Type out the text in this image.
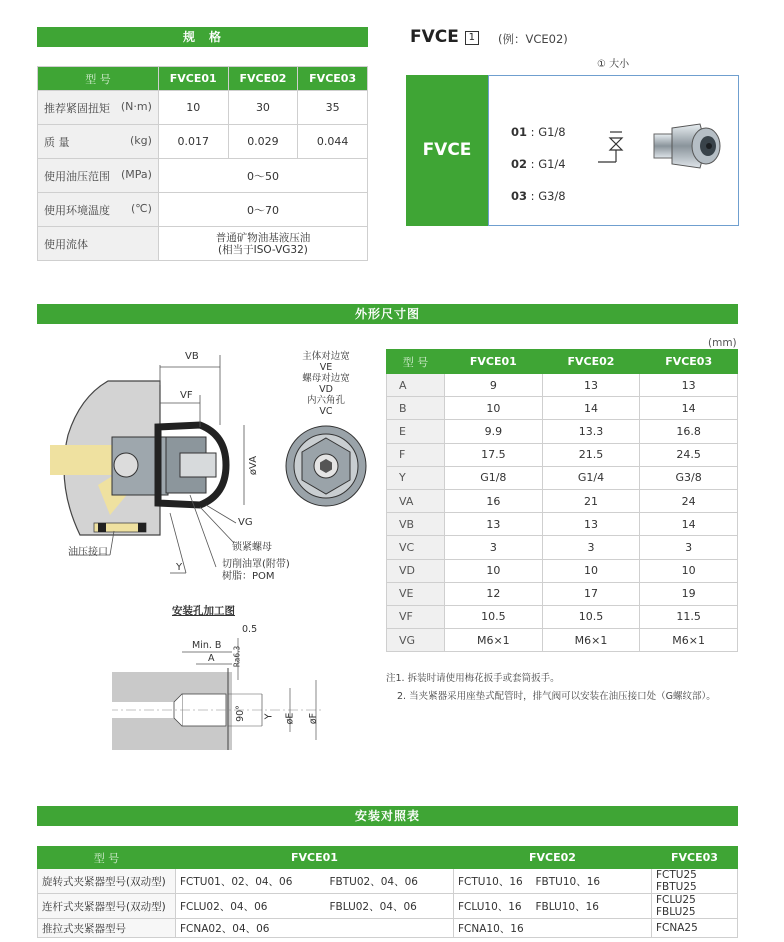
规　格
型 号	FVCE01	FVCE02	FVCE03

推荐紧固扭矩 (N·m)	10	30	35

质 量 (kg)	0.017	0.029	0.044

使用油压范围 (MPa)	0～50		

使用环境温度 (℃)	0～70		

使用流体	普通矿物油基液压油
(相当于ISO-VG32)		
FVCE 1	(例：VCE02)
① 大小
FVCE
01 : G1/8
02 : G1/4
03 : G3/8
外形尺寸图
(mm)
VB
VF
øVA
VG
油压接口	锁紧螺母
Y	切削油罩(附带)
树脂：POM
主体对边宽
VE
螺母对边宽
VD
内六角孔
VC
安装孔加工图
0.5
Min. B
A Ra6.3
90° Y øE øF
型 号	FVCE01	FVCE02	FVCE03
A	9	13	13
B	10	14	14
E	9.9	13.3	16.8
F	17.5	21.5	24.5
Y	G1/8	G1/4	G3/8
VA	16	21	24
VB	13	13	14
VC	3	3	3
VD	10	10	10
VE	12	17	19
VF	10.5	10.5	11.5
VG	M6×1	M6×1	M6×1
注1. 拆装时请使用梅花扳手或套筒扳手。
2. 当夹紧器采用座垫式配管时，排气阀可以安装在油压接口处（G螺纹部）。
安装对照表
型 号	FVCE01		FVCE02		FVCE03
旋转式夹紧器型号(双动型)	FCTU01、02、04、06	FBTU02、04、06	FCTU10、16	FBTU10、16	FCTU25 FBTU25
连杆式夹紧器型号(双动型)	FCLU02、04、06	FBLU02、04、06	FCLU10、16	FBLU10、16	FCLU25 FBLU25
推拉式夹紧器型号	FCNA02、04、06		FCNA10、16		FCNA25
